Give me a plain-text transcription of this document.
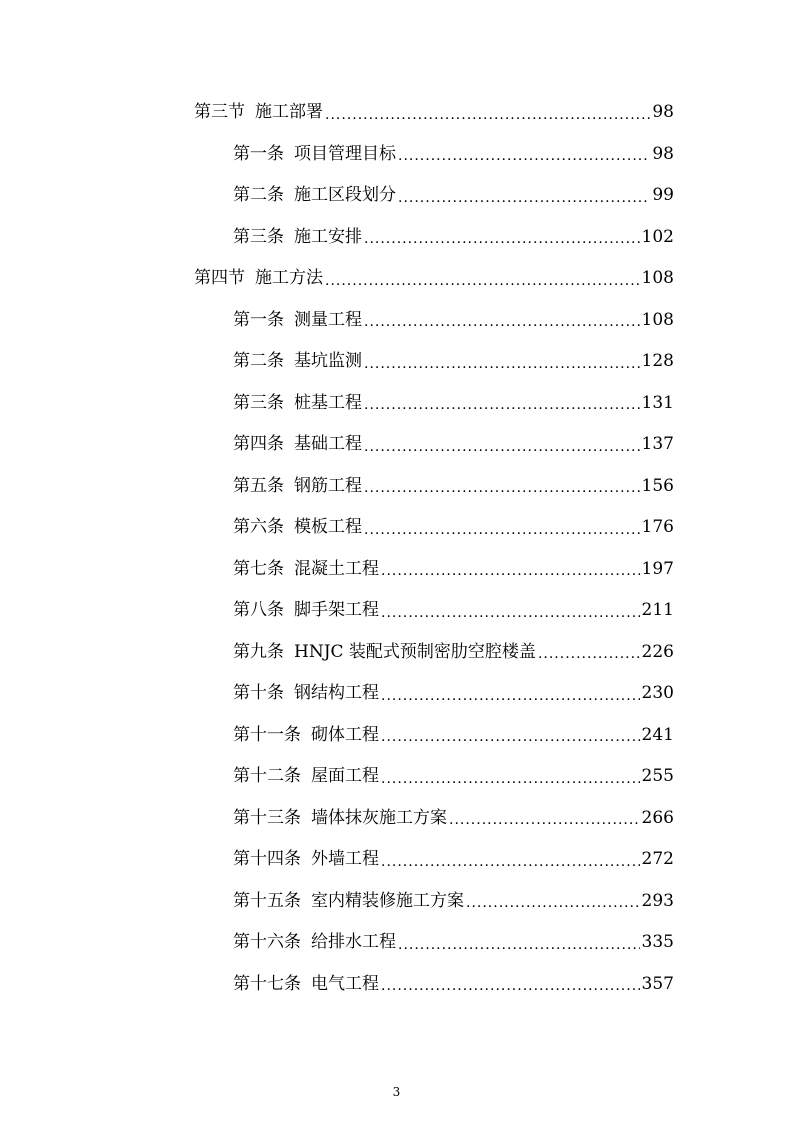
第三节 施工部署 .....	98
第一条 项目管理目标 .....	98
第二条 施工区段划分 .....	99
第三条 施工安排 .....	102
第四节 施工方法 .....	108
第一条 测量工程 .....	108
第二条 基坑监测 .....	128
第三条 桩基工程 .....	131
第四条 基础工程 .....	137
第五条 钢筋工程 .....	156
第六条 模板工程 .....	176
第七条 混凝土工程 .....	197
第八条 脚手架工程 .....	211
第九条 HNJC 装配式预制密肋空腔楼盖 .....	226
第十条 钢结构工程 .....	230
第十一条 砌体工程 .....	241
第十二条 屋面工程 .....	255
第十三条 墙体抹灰施工方案 .....	266
第十四条 外墙工程 .....	272
第十五条 室内精装修施工方案 .....	293
第十六条 给排水工程 .....	335
第十七条 电气工程 .....	357
3
